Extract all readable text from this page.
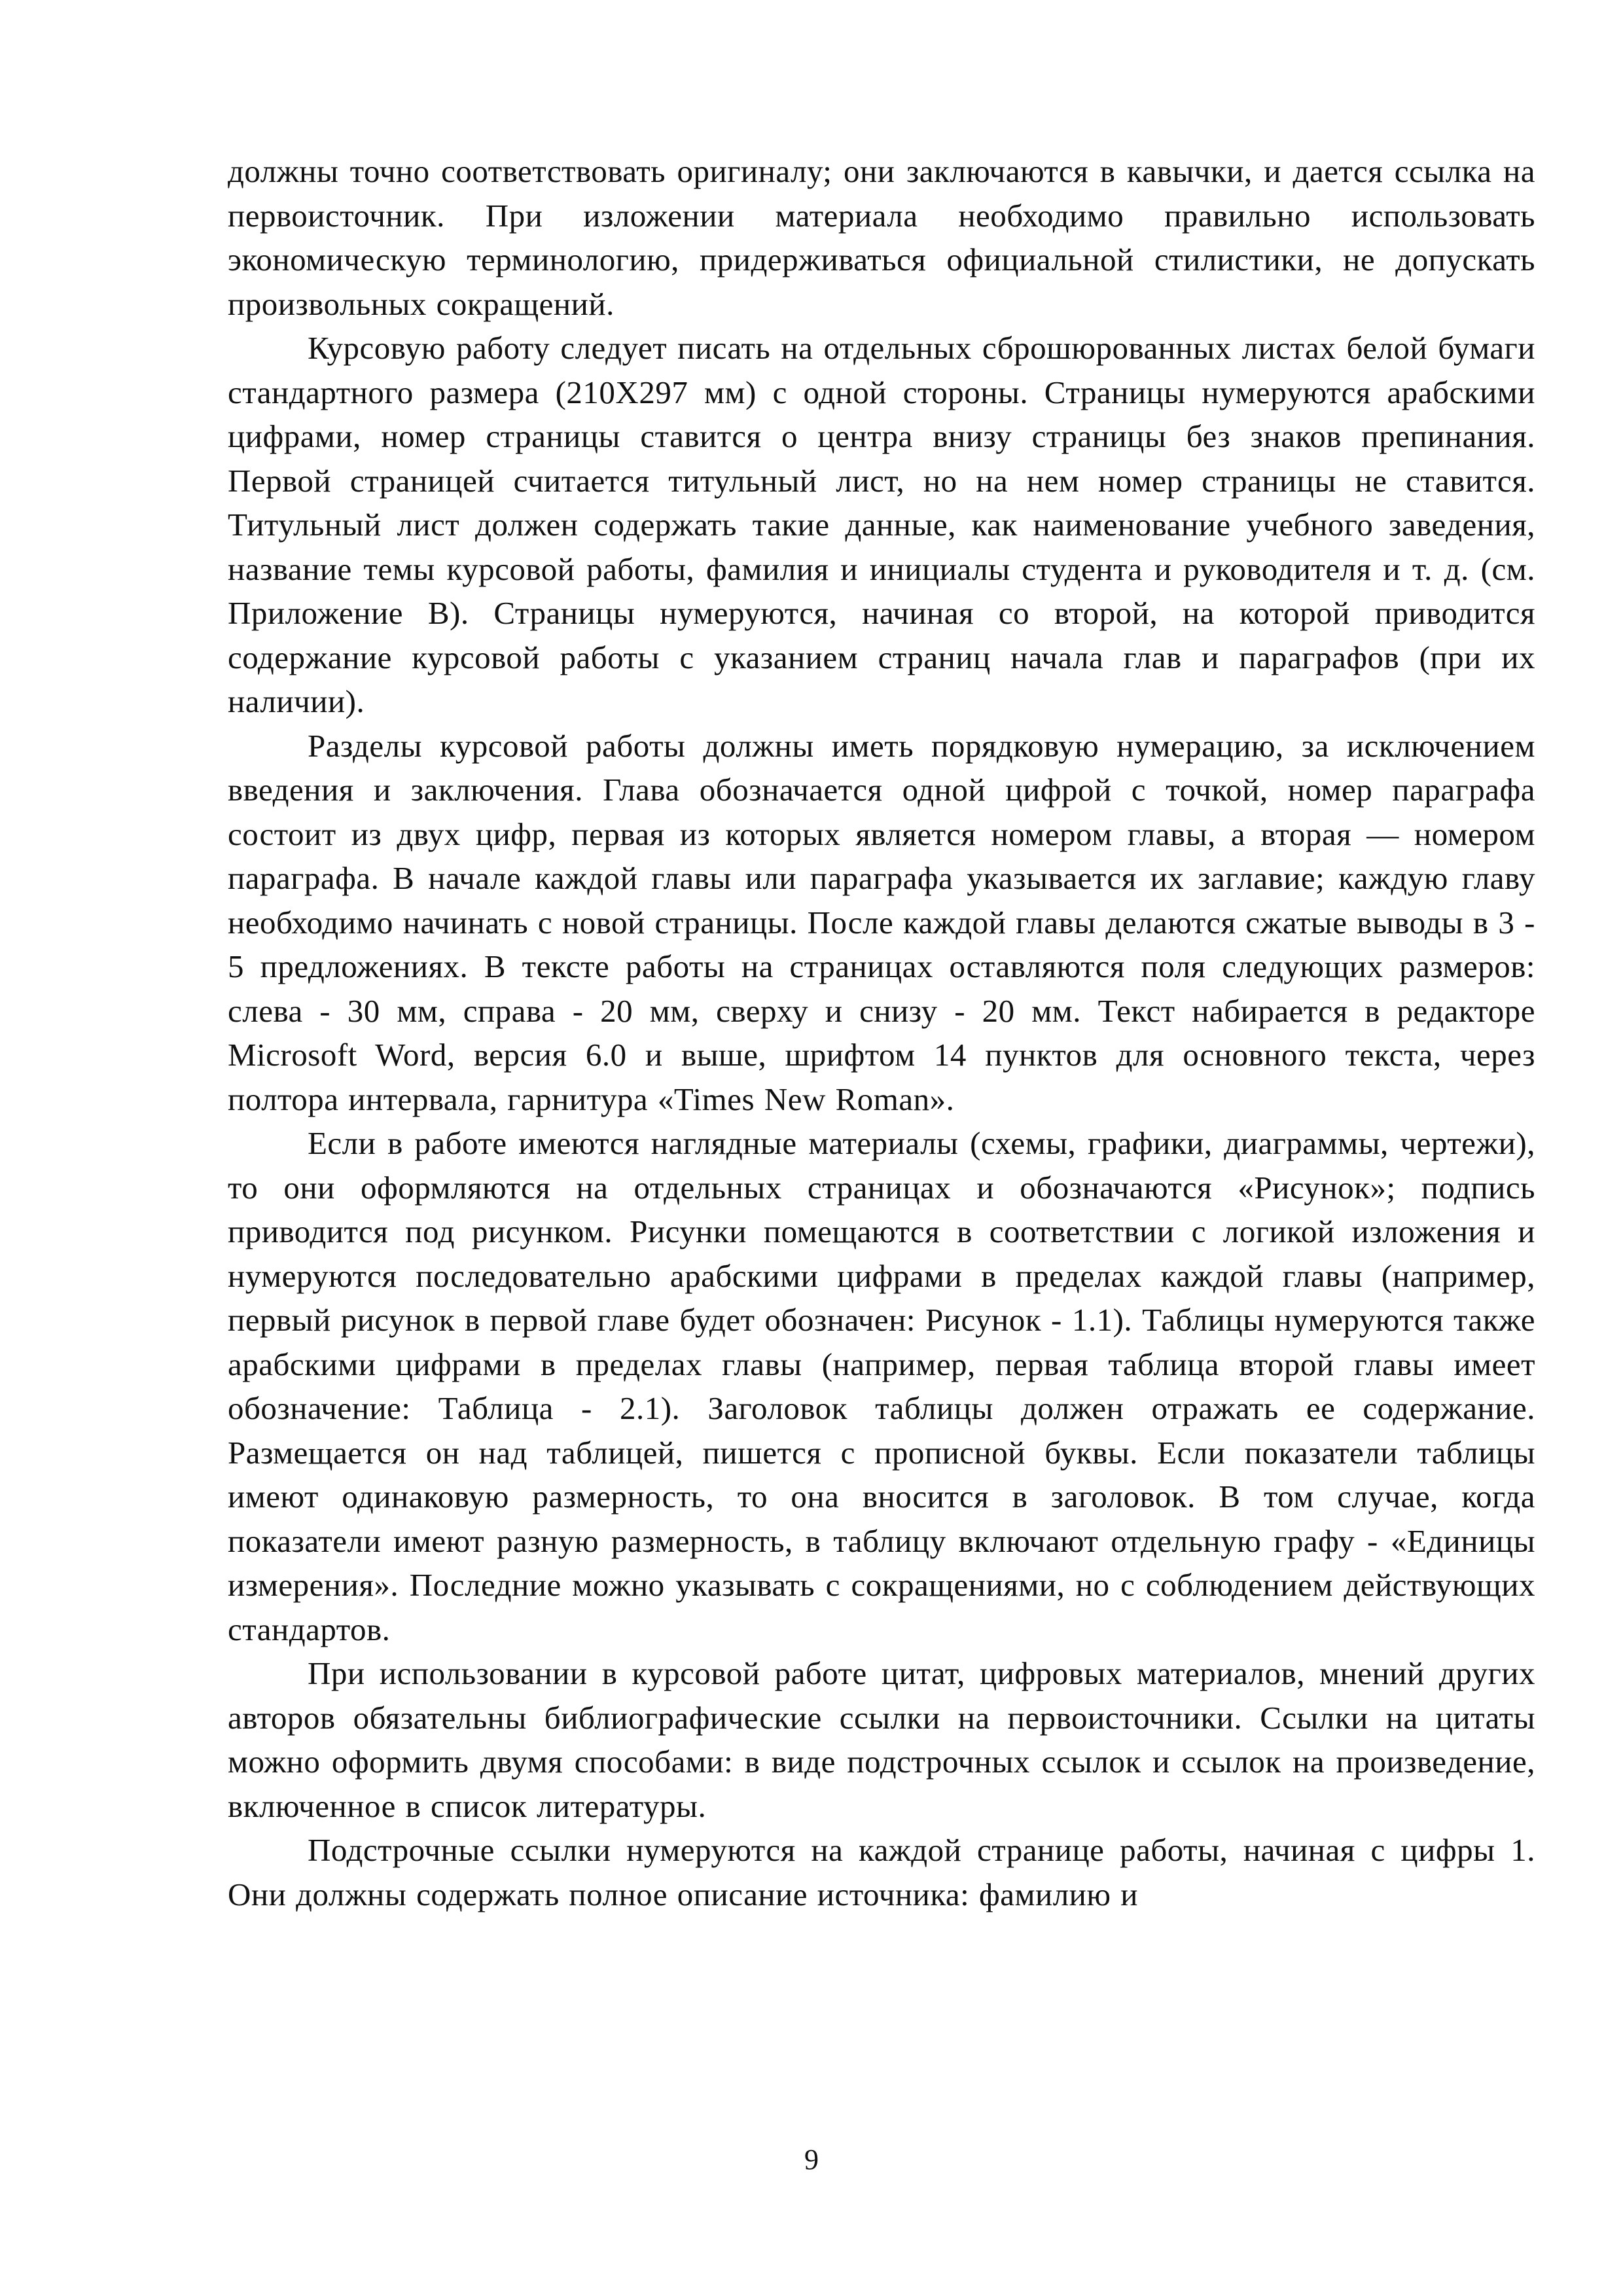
должны точно соответствовать оригиналу; они заключаются в кавычки, и дается ссылка на первоисточник. При изложении материала необходимо правильно использовать экономическую терминологию, придерживаться официальной стилистики, не допускать произвольных сокращений.

Курсовую работу следует писать на отдельных сброшюрованных листах белой бумаги стандартного размера (210Х297 мм) с одной стороны. Страницы нумеруются арабскими цифрами, номер страницы ставится о центра внизу страницы без знаков препинания. Первой страницей считается титульный лист, но на нем номер страницы не ставится. Титульный лист должен содержать такие данные, как наименование учебного заведения, название темы курсовой работы, фамилия и инициалы студента и руководителя и т. д. (см. Приложение В). Страницы нумеруются, начиная со второй, на которой приводится содержание курсовой работы с указанием страниц начала глав и параграфов (при их наличии).

Разделы курсовой работы должны иметь порядковую нумерацию, за исключением введения и заключения. Глава обозначается одной цифрой с точкой, номер параграфа состоит из двух цифр, первая из которых является номером главы, а вторая — номером параграфа. В начале каждой главы или параграфа указывается их заглавие; каждую главу необходимо начинать с новой страницы. После каждой главы делаются сжатые выводы в 3 - 5 предложениях. В тексте работы на страницах оставляются поля следующих размеров: слева - 30 мм, справа - 20 мм, сверху и снизу - 20 мм. Текст набирается в редакторе Microsoft Word, версия 6.0 и выше, шрифтом 14 пунктов для основного текста, через полтора интервала, гарнитура «Times New Roman».

Если в работе имеются наглядные материалы (схемы, графики, диаграммы, чертежи), то они оформляются на отдельных страницах и обозначаются «Рисунок»; подпись приводится под рисунком. Рисунки помещаются в соответствии с логикой изложения и нумеруются последовательно арабскими цифрами в пределах каждой главы (например, первый рисунок в первой главе будет обозначен: Рисунок - 1.1). Таблицы нумеруются также арабскими цифрами в пределах главы (например, первая таблица второй главы имеет обозначение: Таблица - 2.1). Заголовок таблицы должен отражать ее содержание. Размещается он над таблицей, пишется с прописной буквы. Если показатели таблицы имеют одинаковую размерность, то она вносится в заголовок. В том случае, когда показатели имеют разную размерность, в таблицу включают отдельную графу - «Единицы измерения». Последние можно указывать с сокращениями, но с соблюдением действующих стандартов.

При использовании в курсовой работе цитат, цифровых материалов, мнений других авторов обязательны библиографические ссылки на первоисточники. Ссылки на цитаты можно оформить двумя способами: в виде подстрочных ссылок и ссылок на произведение, включенное в список литературы.

Подстрочные ссылки нумеруются на каждой странице работы, начиная с цифры 1. Они должны содержать полное описание источника: фамилию и

9
